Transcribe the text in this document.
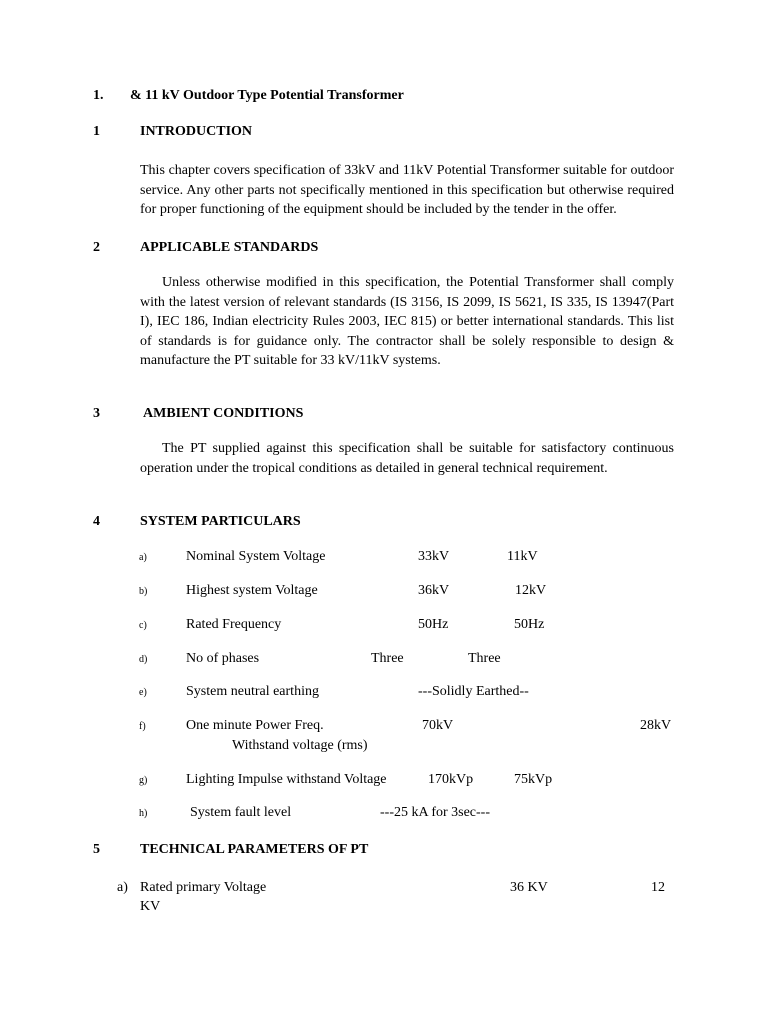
1. & 11 kV Outdoor Type Potential Transformer
1	INTRODUCTION
This chapter covers specification of 33kV and 11kV Potential Transformer suitable for outdoor service. Any other parts not specifically mentioned in this specification but otherwise required for proper functioning of the equipment should be included by the tender in the offer.
2	APPLICABLE STANDARDS
Unless otherwise modified in this specification, the Potential Transformer shall comply with the latest version of relevant standards (IS 3156, IS 2099, IS 5621, IS 335, IS 13947(Part I), IEC 186, Indian electricity Rules 2003, IEC 815) or better international standards. This list of standards is for guidance only. The contractor shall be solely responsible to design & manufacture the PT suitable for 33 kV/11kV systems.
3	AMBIENT CONDITIONS
The PT supplied against this specification shall be suitable for satisfactory continuous operation under the tropical conditions as detailed in general technical requirement.
4	SYSTEM PARTICULARS
a)	Nominal System Voltage	33kV	11kV
b)	Highest system Voltage	36kV	12kV
c)	Rated Frequency	50Hz	50Hz
d)	No of phases	Three	Three
e)	System neutral earthing	---Solidly Earthed--
f)	One minute Power Freq.
Withstand voltage (rms)
70kV	28kV
g)	Lighting Impulse withstand Voltage	170kVp	75kVp
h)	System fault level	---25 kA for 3sec---
5	TECHNICAL PARAMETERS OF PT
a) Rated primary Voltage	36 KV	12
KV
